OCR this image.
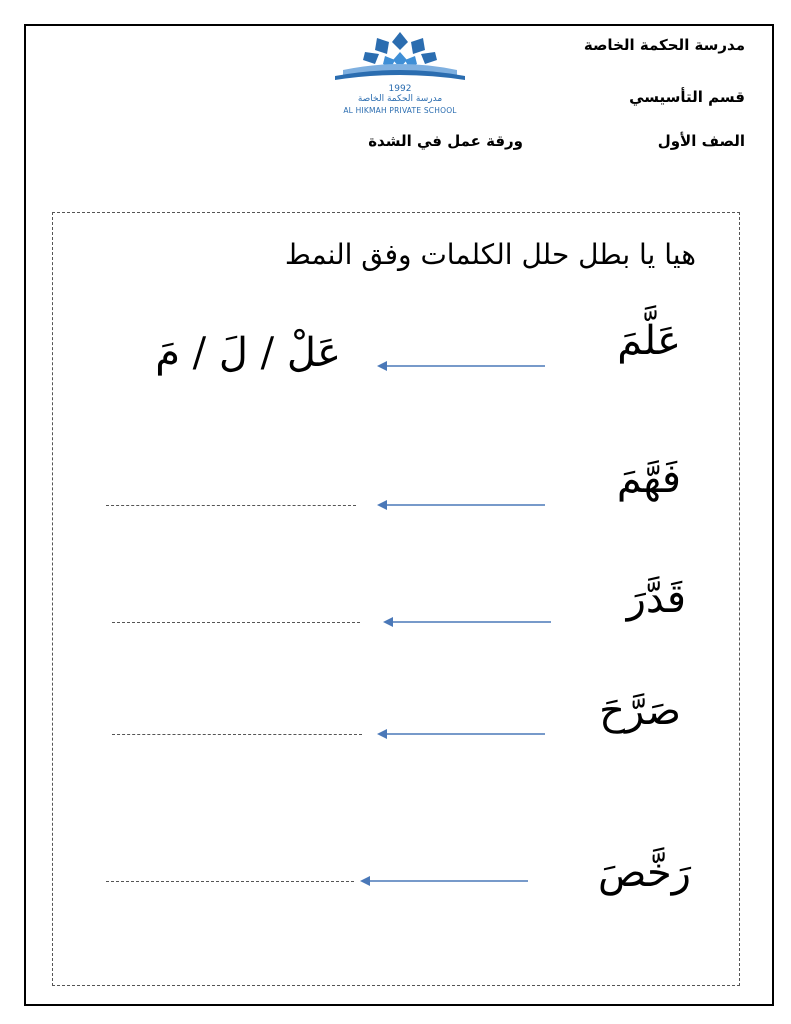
مدرسة الحكمة الخاصة
قسم التأسيسي
الصف الأول
ورقة عمل في الشدة
1992
مدرسة الحكمة الخاصة
AL HIKMAH PRIVATE SCHOOL
هيا يا بطل حلل الكلمات وفق النمط
عَلَّمَ
عَلْ / لَ / مَ
فَهَّمَ
قَدَّرَ
صَرَّحَ
رَخَّصَ
